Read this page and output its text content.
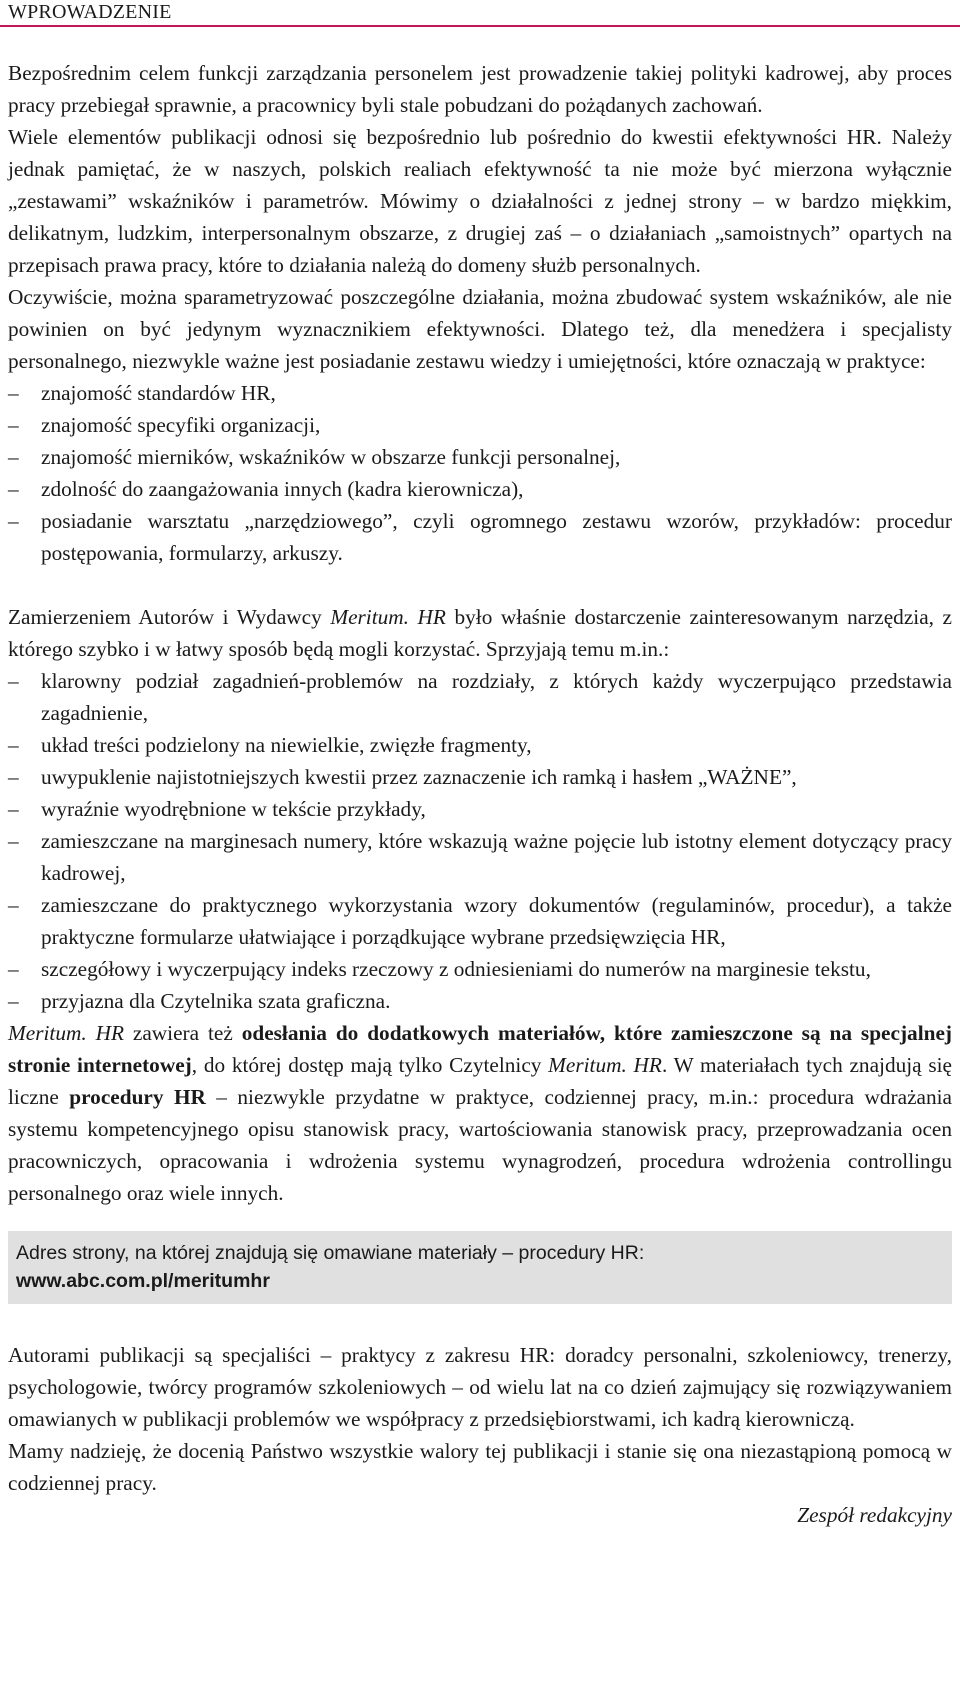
WPROWADZENIE

Bezpośrednim celem funkcji zarządzania personelem jest prowadzenie takiej polityki kadrowej, aby proces pracy przebiegał sprawnie, a pracownicy byli stale pobudzani do pożądanych zachowań.

Wiele elementów publikacji odnosi się bezpośrednio lub pośrednio do kwestii efektywności HR. Należy jednak pamiętać, że w naszych, polskich realiach efektywność ta nie może być mierzona wyłącznie „zestawami” wskaźników i parametrów. Mówimy o działalności z jednej strony – w bardzo miękkim, delikatnym, ludzkim, interpersonalnym obszarze, z drugiej zaś – o działaniach „samoistnych” opartych na przepisach prawa pracy, które to działania należą do domeny służb personalnych.

Oczywiście, można sparametryzować poszczególne działania, można zbudować system wskaźników, ale nie powinien on być jedynym wyznacznikiem efektywności. Dlatego też, dla menedżera i specjalisty personalnego, niezwykle ważne jest posiadanie zestawu wiedzy i umiejętności, które oznaczają w praktyce:

– znajomość standardów HR,
– znajomość specyfiki organizacji,
– znajomość mierników, wskaźników w obszarze funkcji personalnej,
– zdolność do zaangażowania innych (kadra kierownicza),
– posiadanie warsztatu „narzędziowego”, czyli ogromnego zestawu wzorów, przykładów: procedur postępowania, formularzy, arkuszy.

Zamierzeniem Autorów i Wydawcy Meritum. HR było właśnie dostarczenie zainteresowanym narzędzia, z którego szybko i w łatwy sposób będą mogli korzystać. Sprzyjają temu m.in.:

– klarowny podział zagadnień-problemów na rozdziały, z których każdy wyczerpująco przedstawia zagadnienie,
– układ treści podzielony na niewielkie, zwięzłe fragmenty,
– uwypuklenie najistotniejszych kwestii przez zaznaczenie ich ramką i hasłem „WAŻNE”,
– wyraźnie wyodrębnione w tekście przykłady,
– zamieszczane na marginesach numery, które wskazują ważne pojęcie lub istotny element dotyczący pracy kadrowej,
– zamieszczane do praktycznego wykorzystania wzory dokumentów (regulaminów, procedur), a także praktyczne formularze ułatwiające i porządkujące wybrane przedsięwzięcia HR,
– szczegółowy i wyczerpujący indeks rzeczowy z odniesieniami do numerów na marginesie tekstu,
– przyjazna dla Czytelnika szata graficzna.

Meritum. HR zawiera też odesłania do dodatkowych materiałów, które zamieszczone są na specjalnej stronie internetowej, do której dostęp mają tylko Czytelnicy Meritum. HR. W materiałach tych znajdują się liczne procedury HR – niezwykle przydatne w praktyce, codziennej pracy, m.in.: procedura wdrażania systemu kompetencyjnego opisu stanowisk pracy, wartościowania stanowisk pracy, przeprowadzania ocen pracowniczych, opracowania i wdrożenia systemu wynagrodzeń, procedura wdrożenia controllingu personalnego oraz wiele innych.

Adres strony, na której znajdują się omawiane materiały – procedury HR:
www.abc.com.pl/meritumhr

Autorami publikacji są specjaliści – praktycy z zakresu HR: doradcy personalni, szkoleniowcy, trenerzy, psychologowie, twórcy programów szkoleniowych – od wielu lat na co dzień zajmujący się rozwiązywaniem omawianych w publikacji problemów we współpracy z przedsiębiorstwami, ich kadrą kierowniczą.

Mamy nadzieję, że docenią Państwo wszystkie walory tej publikacji i stanie się ona niezastąpioną pomocą w codziennej pracy.

Zespół redakcyjny
